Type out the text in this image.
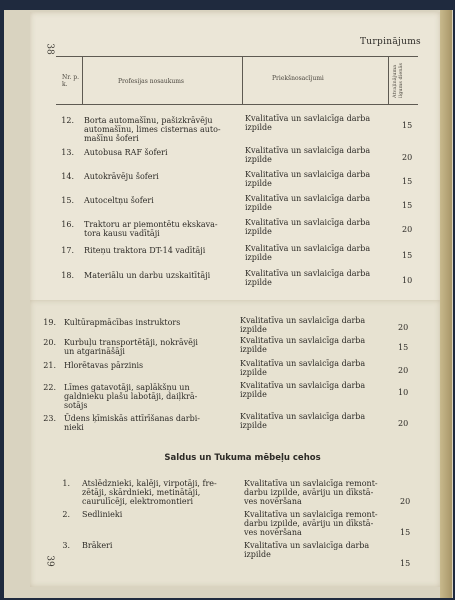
38
39
Turpinājums
Nr. p. k.	Profesijas nosaukums	Priekšnosacījumi	Atvaļinājuma ilgums dienās
12. Borta automašīnu, pašizkrāvēju
automašīnu, limes cisternas auto-
mašīnu šoferi
Kvalitatīva un savlaicīga darba
izpilde	15
13. Autobusa RAF šoferi	Kvalitatīva un savlaicīga darba
izpilde	20
14. Autokrāvēju šoferi	Kvalitatīva un savlaicīga darba
izpilde	15
15. Autoceltņu šoferi	Kvalitatīva un savlaicīga darba
izpilde	15
16. Traktoru ar piemontētu ekskava-
tora kausu vadītāji
Kvalitatīva un savlaicīga darba
izpilde	20
17. Riteņu traktora DT-14 vadītāji	Kvalitatīva un savlaicīga darba
izpilde	15
18. Materiālu un darbu uzskaitītāji	Kvalitatīva un savlaicīga darba
izpilde	10
19. Kultūrapmācības instruktors	Kvalitatīva un savlaicīga darba
izpilde	20
20. Kurbuļu transportētāji, nokrāvēji
un atgarināšāji
Kvalitatīva un savlaicīga darba
izpilde	15
21. Hlorētavas pārzinis	Kvalitatīva un savlaicīga darba
izpilde	20
22. Līmes gatavotāji, saplākšņu un
galdnieku plašu labotāji, daiļkrā-
sotājs
Kvalitatīva un savlaicīga darba
izpilde	10
23. Ūdens ķīmiskās attīrīšanas darbi-
nieki
Kvalitatīva un savlaicīga darba
izpilde	20
Saldus un Tukuma mēbeļu cehos
1. Atslēdznieki, kalēji, virpotāji, fre-
zētāji, skārdnieki, metinātāji,
caurulīcēji, elektromontieri
Kvalitatīva un savlaicīga remont-
darbu izpilde, avāriju un dīkstā-
ves novēršana	20
2. Sedlinieki	Kvalitatīva un savlaicīga remont-
darbu izpilde, avāriju un dīkstā-
ves novēršana	15
3. Brākeri	Kvalitatīva un savlaicīga darba
izpilde
15
